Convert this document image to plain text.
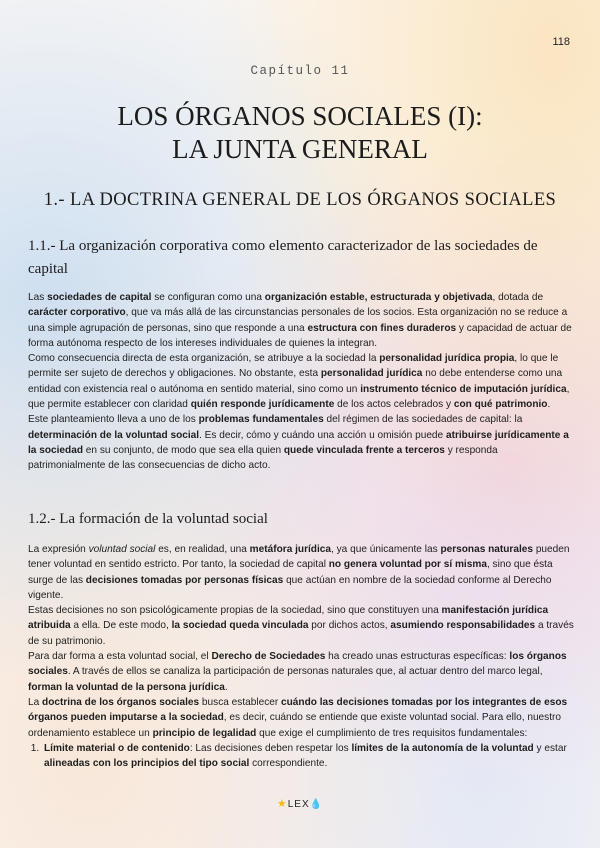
118
Capítulo 11
LOS ÓRGANOS SOCIALES (I):
LA JUNTA GENERAL
1.- LA DOCTRINA GENERAL DE LOS ÓRGANOS SOCIALES
1.1.- La organización corporativa como elemento caracterizador de las sociedades de capital

Las sociedades de capital se configuran como una organización estable, estructurada y objetivada, dotada de carácter corporativo, que va más allá de las circunstancias personales de los socios. Esta organización no se reduce a una simple agrupación de personas, sino que responde a una estructura con fines duraderos y capacidad de actuar de forma autónoma respecto de los intereses individuales de quienes la integran.

Como consecuencia directa de esta organización, se atribuye a la sociedad la personalidad jurídica propia, lo que le permite ser sujeto de derechos y obligaciones. No obstante, esta personalidad jurídica no debe entenderse como una entidad con existencia real o autónoma en sentido material, sino como un instrumento técnico de imputación jurídica, que permite establecer con claridad quién responde jurídicamente de los actos celebrados y con qué patrimonio.

Este planteamiento lleva a uno de los problemas fundamentales del régimen de las sociedades de capital: la determinación de la voluntad social. Es decir, cómo y cuándo una acción u omisión puede atribuirse jurídicamente a la sociedad en su conjunto, de modo que sea ella quien quede vinculada frente a terceros y responda patrimonialmente de las consecuencias de dicho acto.

1.2.- La formación de la voluntad social

La expresión voluntad social es, en realidad, una metáfora jurídica, ya que únicamente las personas naturales pueden tener voluntad en sentido estricto. Por tanto, la sociedad de capital no genera voluntad por sí misma, sino que ésta surge de las decisiones tomadas por personas físicas que actúan en nombre de la sociedad conforme al Derecho vigente.

Estas decisiones no son psicológicamente propias de la sociedad, sino que constituyen una manifestación jurídica atribuida a ella. De este modo, la sociedad queda vinculada por dichos actos, asumiendo responsabilidades a través de su patrimonio.

Para dar forma a esta voluntad social, el Derecho de Sociedades ha creado unas estructuras específicas: los órganos sociales. A través de ellos se canaliza la participación de personas naturales que, al actuar dentro del marco legal, forman la voluntad de la persona jurídica.

La doctrina de los órganos sociales busca establecer cuándo las decisiones tomadas por los integrantes de esos órganos pueden imputarse a la sociedad, es decir, cuándo se entiende que existe voluntad social. Para ello, nuestro ordenamiento establece un principio de legalidad que exige el cumplimiento de tres requisitos fundamentales:

1. Límite material o de contenido: Las decisiones deben respetar los límites de la autonomía de la voluntad y estar alineadas con los principios del tipo social correspondiente.
★LEX💧
